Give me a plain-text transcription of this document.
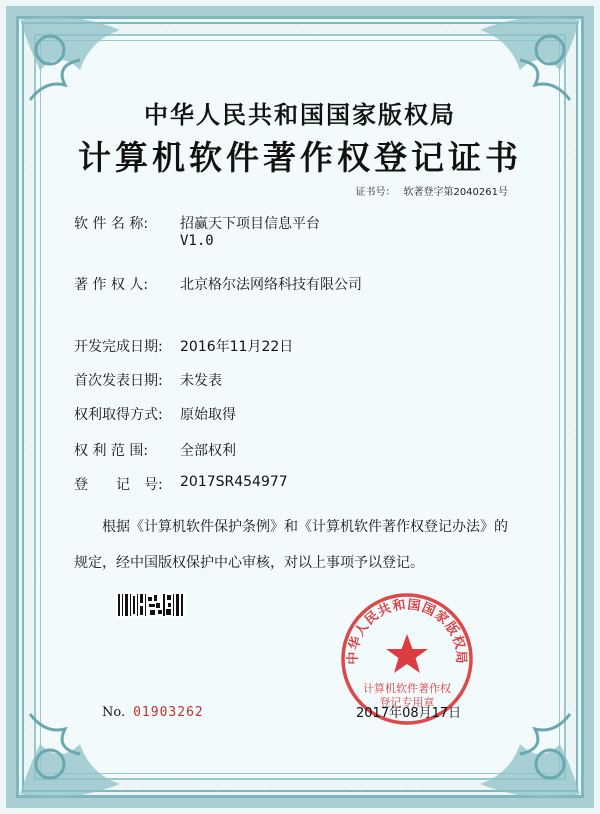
中华人民共和国国家版权局
计算机软件著作权登记证书
证书号： 软著登字第2040261号
软 件 名 称: 招赢天下项目信息平台
V1.0
著 作 权 人: 北京格尔法网络科技有限公司
开发完成日期: 2016年11月22日
首次发表日期: 未发表
权利取得方式: 原始取得
权 利 范 围: 全部权利
登　　记　号: 2017SR454977
根据《计算机软件保护条例》和《计算机软件著作权登记办法》的
规定，经中国版权保护中心审核，对以上事项予以登记。
No. 01903262
中华人民共和国国家版权局
计算机软件著作权
登记专用章
2017年08月17日
